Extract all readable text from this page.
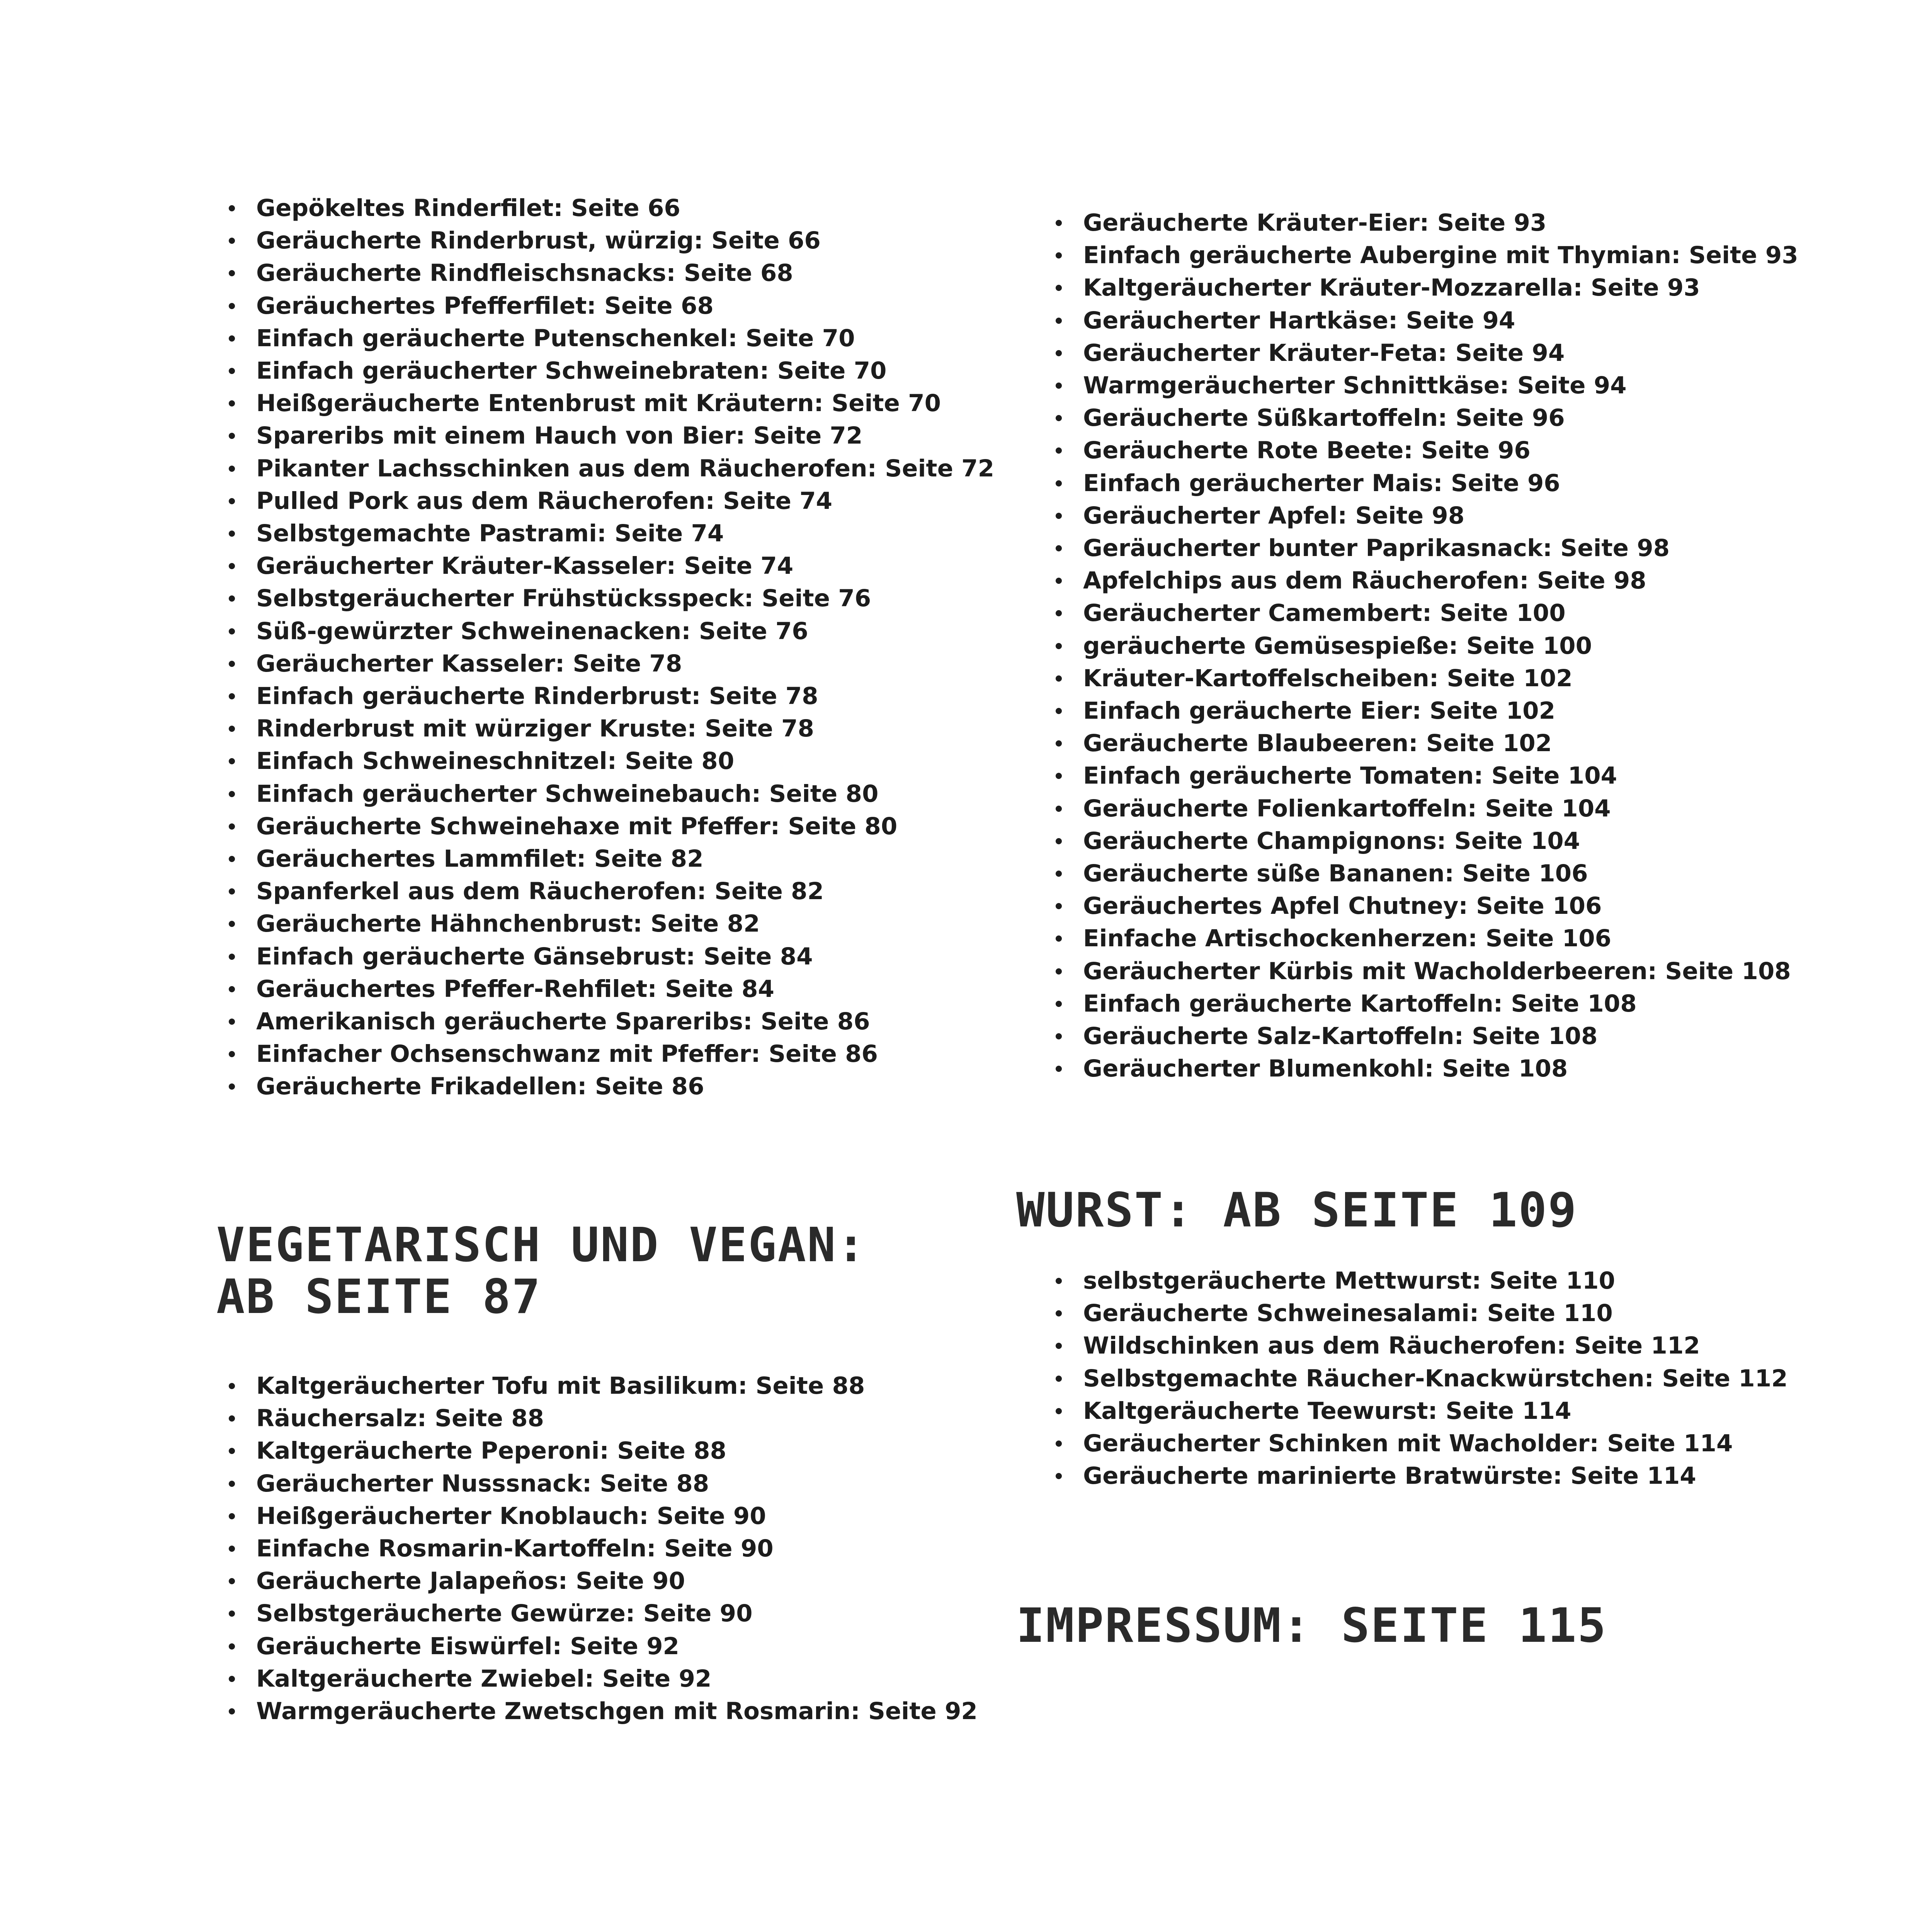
Gepökeltes Rinderfilet: Seite 66
Geräucherte Rinderbrust, würzig: Seite 66
Geräucherte Rindfleischsnacks: Seite 68
Geräuchertes Pfefferfilet: Seite 68
Einfach geräucherte Putenschenkel: Seite 70
Einfach geräucherter Schweinebraten: Seite 70
Heißgeräucherte Entenbrust mit Kräutern: Seite 70
Spareribs mit einem Hauch von Bier: Seite 72
Pikanter Lachsschinken aus dem Räucherofen: Seite 72
Pulled Pork aus dem Räucherofen: Seite 74
Selbstgemachte Pastrami: Seite 74
Geräucherter Kräuter-Kasseler: Seite 74
Selbstgeräucherter Frühstücksspeck: Seite 76
Süß-gewürzter Schweinenacken: Seite 76
Geräucherter Kasseler: Seite 78
Einfach geräucherte Rinderbrust: Seite 78
Rinderbrust mit würziger Kruste: Seite 78
Einfach Schweineschnitzel: Seite 80
Einfach geräucherter Schweinebauch: Seite 80
Geräucherte Schweinehaxe mit Pfeffer: Seite 80
Geräuchertes Lammfilet: Seite 82
Spanferkel aus dem Räucherofen: Seite 82
Geräucherte Hähnchenbrust: Seite 82
Einfach geräucherte Gänsebrust: Seite 84
Geräuchertes Pfeffer-Rehfilet: Seite 84
Amerikanisch geräucherte Spareribs: Seite 86
Einfacher Ochsenschwanz mit Pfeffer: Seite 86
Geräucherte Frikadellen: Seite 86
VEGETARISCH UND VEGAN:
AB SEITE 87
Kaltgeräucherter Tofu mit Basilikum: Seite 88
Räuchersalz: Seite 88
Kaltgeräucherte Peperoni: Seite 88
Geräucherter Nusssnack: Seite 88
Heißgeräucherter Knoblauch: Seite 90
Einfache Rosmarin-Kartoffeln: Seite 90
Geräucherte Jalapeños: Seite 90
Selbstgeräucherte Gewürze: Seite 90
Geräucherte Eiswürfel: Seite 92
Kaltgeräucherte Zwiebel: Seite 92
Warmgeräucherte Zwetschgen mit Rosmarin: Seite 92
Geräucherte Kräuter-Eier: Seite 93
Einfach geräucherte Aubergine mit Thymian: Seite 93
Kaltgeräucherter Kräuter-Mozzarella: Seite 93
Geräucherter Hartkäse: Seite 94
Geräucherter Kräuter-Feta: Seite 94
Warmgeräucherter Schnittkäse: Seite 94
Geräucherte Süßkartoffeln: Seite 96
Geräucherte Rote Beete: Seite 96
Einfach geräucherter Mais: Seite 96
Geräucherter Apfel: Seite 98
Geräucherter bunter Paprikasnack: Seite 98
Apfelchips aus dem Räucherofen: Seite 98
Geräucherter Camembert: Seite 100
geräucherte Gemüsespieße: Seite 100
Kräuter-Kartoffelscheiben: Seite 102
Einfach geräucherte Eier: Seite 102
Geräucherte Blaubeeren: Seite 102
Einfach geräucherte Tomaten: Seite 104
Geräucherte Folienkartoffeln: Seite 104
Geräucherte Champignons: Seite 104
Geräucherte süße Bananen: Seite 106
Geräuchertes Apfel Chutney: Seite 106
Einfache Artischockenherzen: Seite 106
Geräucherter Kürbis mit Wacholderbeeren: Seite 108
Einfach geräucherte Kartoffeln: Seite 108
Geräucherte Salz-Kartoffeln: Seite 108
Geräucherter Blumenkohl: Seite 108
WURST: AB SEITE 109
selbstgeräucherte Mettwurst: Seite 110
Geräucherte Schweinesalami: Seite 110
Wildschinken aus dem Räucherofen: Seite 112
Selbstgemachte Räucher-Knackwürstchen: Seite 112
Kaltgeräucherte Teewurst: Seite 114
Geräucherter Schinken mit Wacholder: Seite 114
Geräucherte marinierte Bratwürste: Seite 114
IMPRESSUM: SEITE 115
